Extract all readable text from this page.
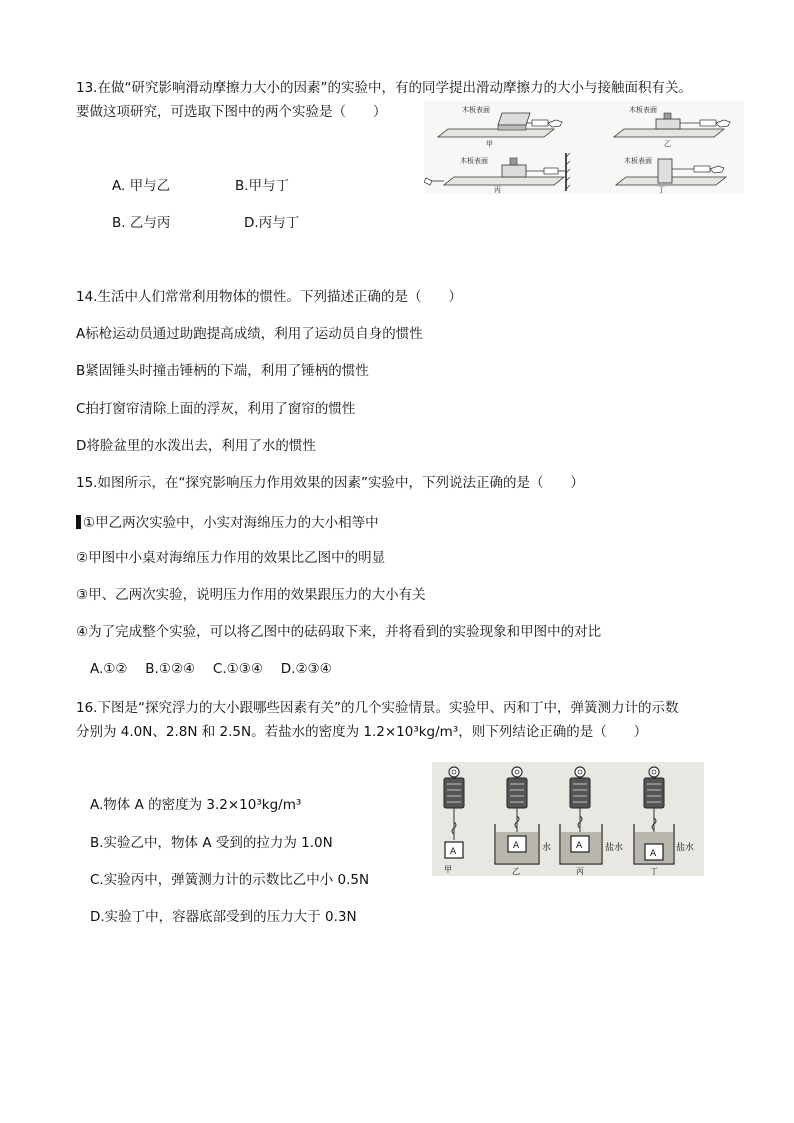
13.在做“研究影响滑动摩擦力大小的因素”的实验中，有的同学提出滑动摩擦力的大小与接触面积有关。
要做这项研究，可选取下图中的两个实验是（　　）	木板表面
甲
木板表面
乙
木板表面
丙
木板表面
丁
A. 甲与乙	B.甲与丁
B. 乙与丙	D.丙与丁
14.生活中人们常常利用物体的惯性。下列描述正确的是（　　）
A标枪运动员通过助跑提高成绩，利用了运动员自身的惯性
B紧固锤头时撞击锤柄的下端，利用了锤柄的惯性
C拍打窗帘清除上面的浮灰，利用了窗帘的惯性
D将脸盆里的水泼出去，利用了水的惯性
15.如图所示，在“探究影响压力作用效果的因素”实验中，下列说法正确的是（　　）
①甲乙两次实验中，小实对海绵压力的大小相等中
②甲图中小桌对海绵压力作用的效果比乙图中的明显
③甲、乙两次实验，说明压力作用的效果跟压力的大小有关
④为了完成整个实验，可以将乙图中的砝码取下来，并将看到的实验现象和甲图中的对比
A.①②　 B.①②④　 C.①③④　 D.②③④
16.下图是“探究浮力的大小跟哪些因素有关”的几个实验情景。实验甲、丙和丁中，弹簧测力计的示数
分别为 4.0N、2.8N 和 2.5N。若盐水的密度为 1.2×10³kg/m³，则下列结论正确的是（　　）
A
甲
A	水
乙
A	盐水
丙
A
盐水
丁
A.物体 A 的密度为 3.2×10³kg/m³
B.实验乙中，物体 A 受到的拉力为 1.0N
C.实验丙中，弹簧测力计的示数比乙中小 0.5N
D.实验丁中，容器底部受到的压力大于 0.3N
